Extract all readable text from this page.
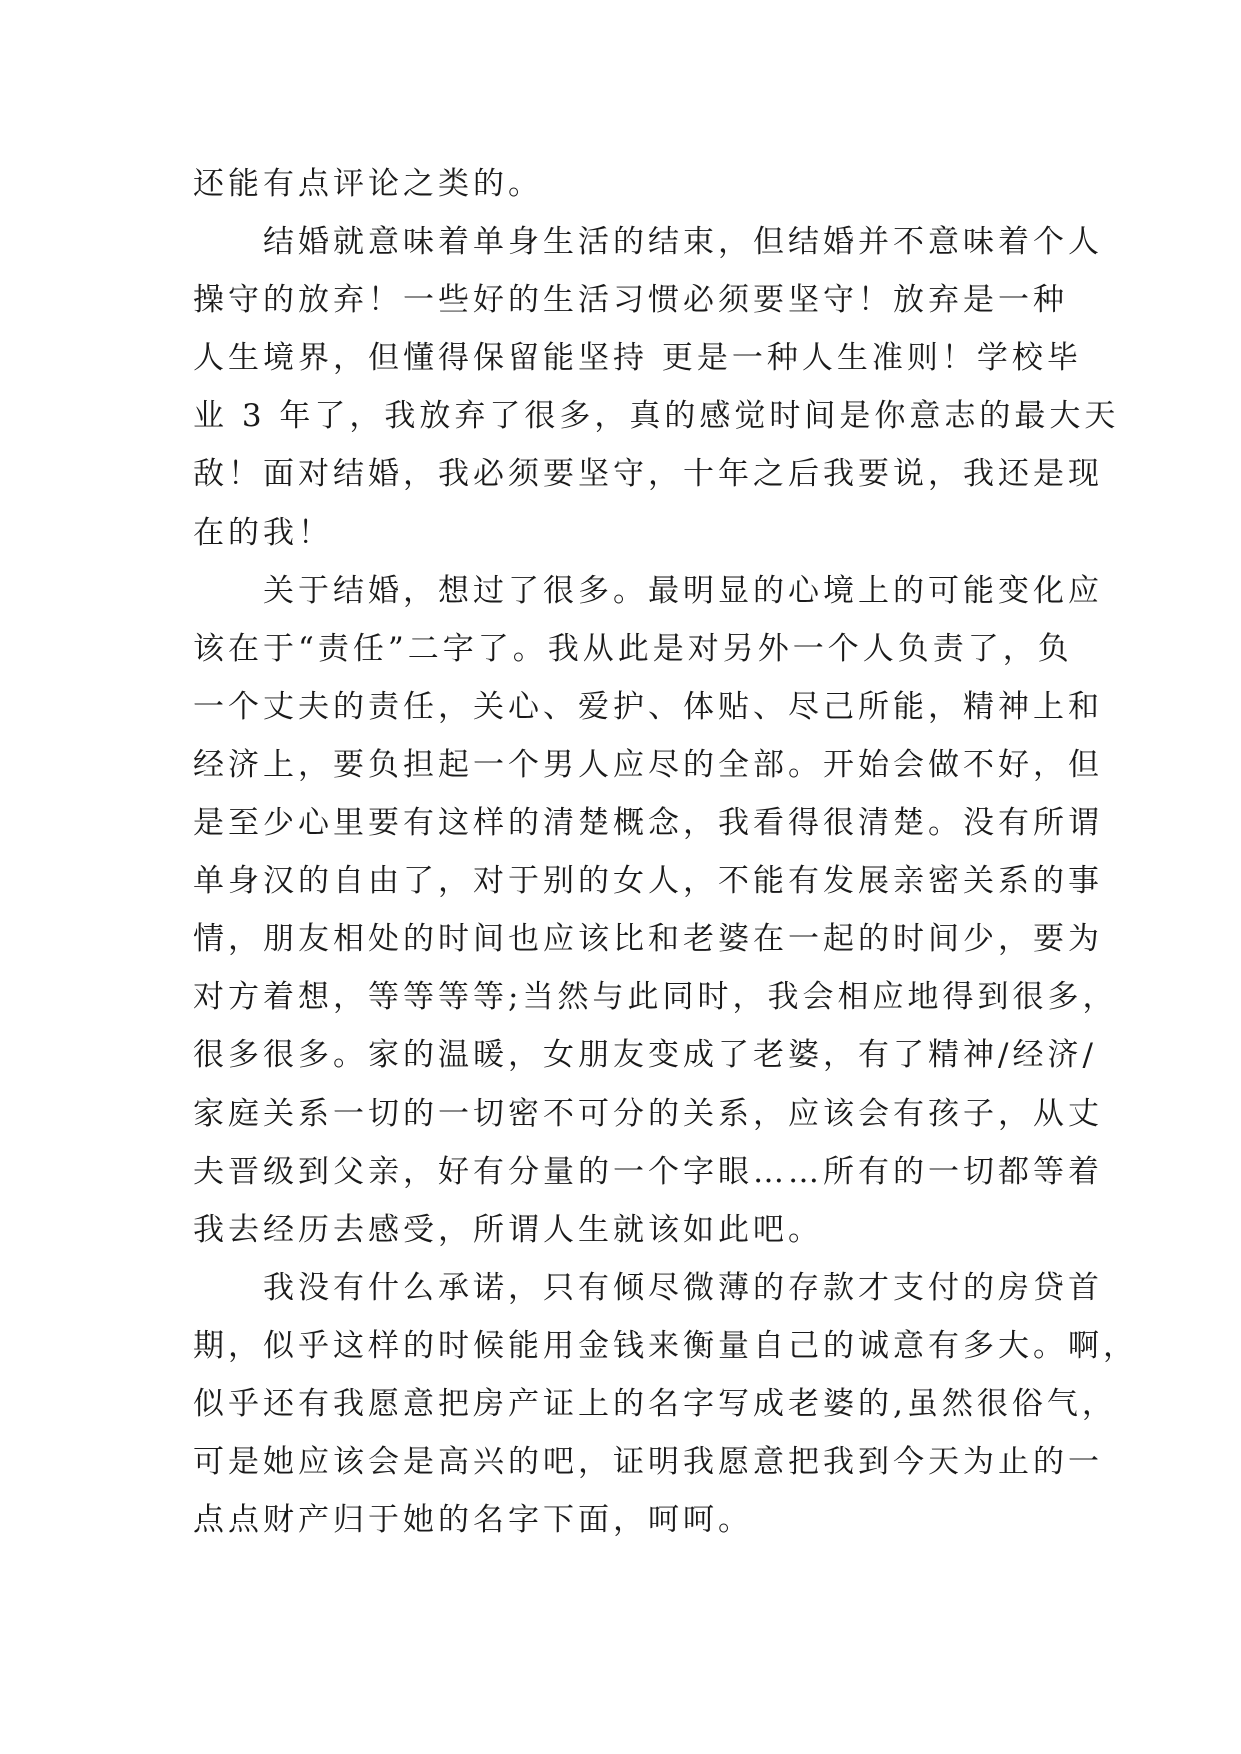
还能有点评论之类的。
结婚就意味着单身生活的结束，但结婚并不意味着个人
操守的放弃！一些好的生活习惯必须要坚守！放弃是一种
人生境界，但懂得保留能坚持 更是一种人生准则！学校毕
业 3 年了，我放弃了很多，真的感觉时间是你意志的最大天
敌！面对结婚，我必须要坚守，十年之后我要说，我还是现
在的我！
关于结婚，想过了很多。最明显的心境上的可能变化应
该在于“责任”二字了。我从此是对另外一个人负责了，负
一个丈夫的责任，关心、爱护、体贴、尽己所能，精神上和
经济上，要负担起一个男人应尽的全部。开始会做不好，但
是至少心里要有这样的清楚概念，我看得很清楚。没有所谓
单身汉的自由了，对于别的女人，不能有发展亲密关系的事
情，朋友相处的时间也应该比和老婆在一起的时间少，要为
对方着想，等等等等;当然与此同时，我会相应地得到很多，
很多很多。家的温暖，女朋友变成了老婆，有了精神/经济/
家庭关系一切的一切密不可分的关系，应该会有孩子，从丈
夫晋级到父亲，好有分量的一个字眼……所有的一切都等着
我去经历去感受，所谓人生就该如此吧。
我没有什么承诺，只有倾尽微薄的存款才支付的房贷首
期，似乎这样的时候能用金钱来衡量自己的诚意有多大。啊，
似乎还有我愿意把房产证上的名字写成老婆的,虽然很俗气，
可是她应该会是高兴的吧，证明我愿意把我到今天为止的一
点点财产归于她的名字下面，呵呵。
